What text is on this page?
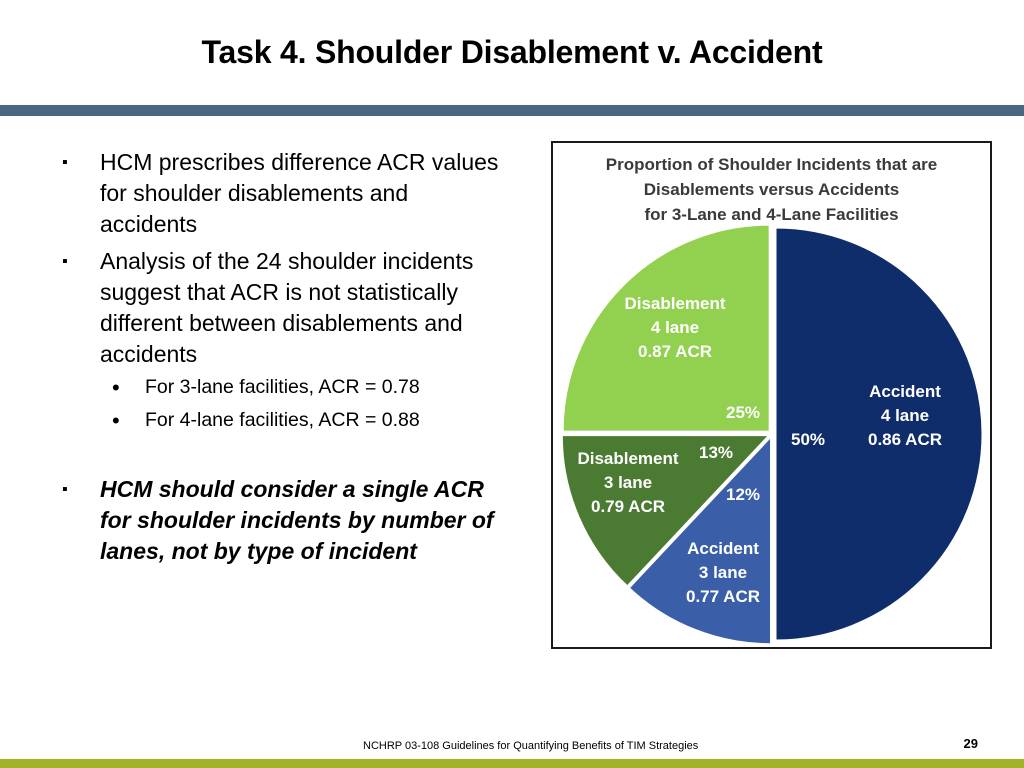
Task 4. Shoulder Disablement v. Accident
▪ HCM prescribes difference ACR values for shoulder disablements and accidents
▪ Analysis of the 24 shoulder incidents suggest that ACR is not statistically different between disablements and accidents
• For 3-lane facilities, ACR = 0.78
• For 4-lane facilities, ACR = 0.88
▪ HCM should consider a single ACR for shoulder incidents by number of lanes, not by type of incident
Proportion of Shoulder Incidents that are
Disablements versus Accidents
for 3-Lane and 4-Lane Facilities
Accident
4 lane
0.86 ACR
50%
Accident
3 lane
0.77 ACR
12%
Disablement
3 lane
0.79 ACR
13%
Disablement
4 lane
0.87 ACR
25%
NCHRP 03-108 Guidelines for Quantifying Benefits of TIM Strategies	29
